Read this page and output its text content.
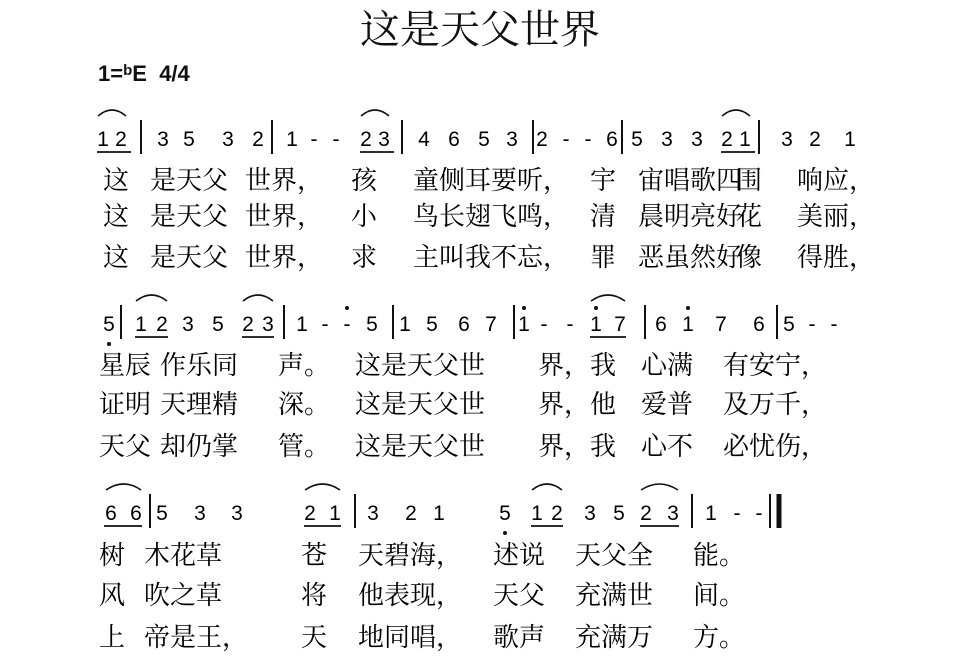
这是天父世界
1=$^b$E 4/4
1 2 3 5 3 2 1 - - 2 3 4 6 5 3 2 - - 6 5 3 3 2 1 3 2 1
5 1 2 3 5 2 3 1 - - 5 1 5 6 7 1 - - 1 7 6 1 7 6 5 - -
6 6 5 3 3	2 1 3 2 1	5 1 2 3 5 2 3 1 - -
这 是天父 世界， 孩 童侧耳要听， 宇 宙唱歌四
围 响应，
这 是天父 世界， 小 鸟长翅飞鸣， 清 晨明亮好
花 美丽，
这 是天父 世界， 求 主叫我不忘， 罪 恶虽然好
像 得胜，
星辰 作乐同 声。 这是天父世 界， 我 心满 有安宁，
证明 天理精 深。 这是天父世 界， 他 爱普 及万千，
天父 却仍掌 管。 这是天父世 界， 我 心不 必忧伤，
树 木花草	苍 天碧海， 述说 天父全 能。
风 吹之草	将 他表现， 天父 充满世 间。
上 帝是王， 天 地同唱， 歌声 充满万 方。
